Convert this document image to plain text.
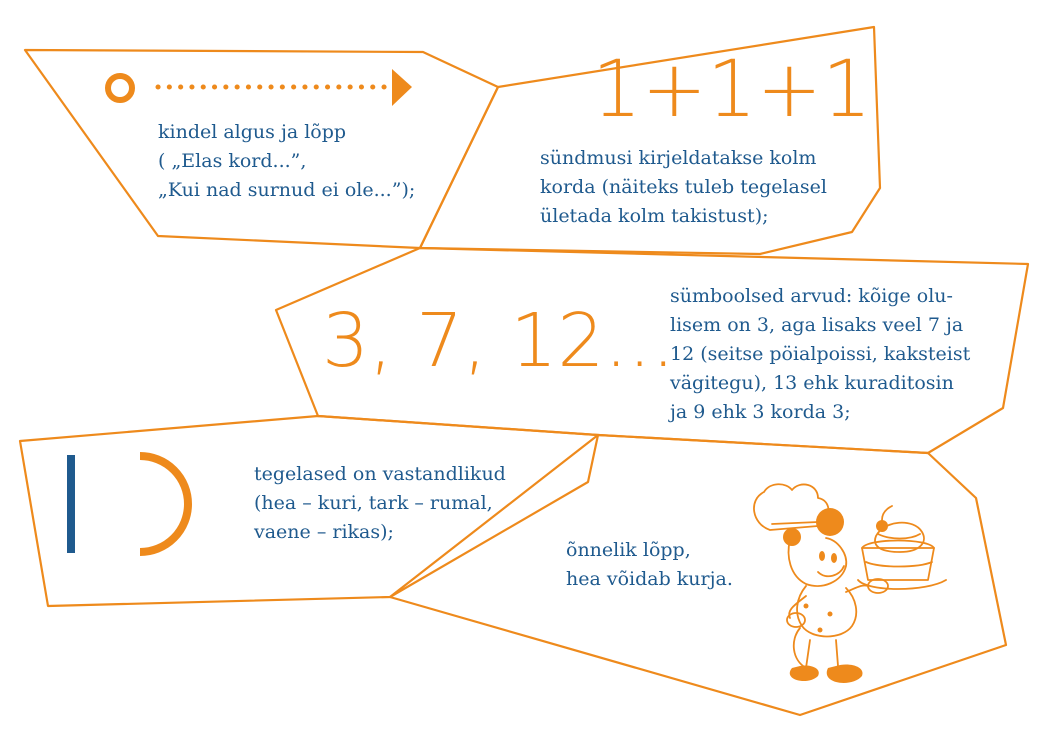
kindel algus ja lõpp
( „Elas kord...”,
„Kui nad surnud ei ole...”);
1+1+1
sündmusi kirjeldatakse kolm
korda (näiteks tuleb tegelasel
ületada kolm takistust);
3, 7, 12...
sümboolsed arvud: kõige olu-
lisem on 3, aga lisaks veel 7 ja
12 (seitse pöialpoissi, kaksteist
vägitegu), 13 ehk kuraditosin
ja 9 ehk 3 korda 3;
tegelased on vastandlikud
(hea – kuri, tark – rumal,
vaene – rikas);
õnnelik lõpp,
hea võidab kurja.
